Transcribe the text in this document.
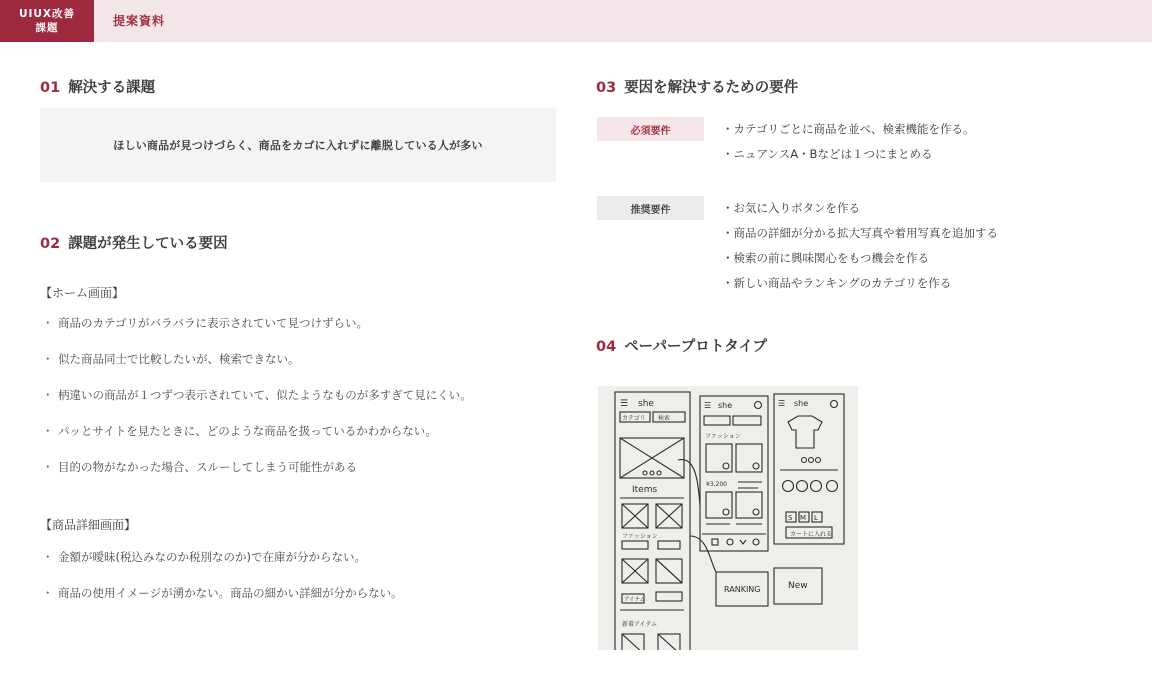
UIUX改善
課題	提案資料
01 解決する課題
ほしい商品が見つけづらく、商品をカゴに入れずに離脱している人が多い
02 課題が発生している要因
【ホーム画面】
・ 商品のカテゴリがバラバラに表示されていて見つけずらい。
・ 似た商品同士で比較したいが、検索できない。
・ 柄違いの商品が１つずつ表示されていて、似たようなものが多すぎて見にくい。
・ パッとサイトを見たときに、どのような商品を扱っているかわからない。
・ 目的の物がなかった場合、スルーしてしまう可能性がある
【商品詳細画面】
・ 金額が曖昧(税込みなのか税別なのか)で在庫が分からない。
・ 商品の使用イメージが湧かない。商品の細かい詳細が分からない。
03 要因を解決するための要件
必須要件	・カテゴリごとに商品を並べ、検索機能を作る。
・ニュアンスA・Bなどは１つにまとめる
推奨要件	・お気に入りボタンを作る
・商品の詳細が分かる拡大写真や着用写真を追加する
・検索の前に興味関心をもつ機会を作る
・新しい商品やランキングのカテゴリを作る
04 ペーパープロトタイプ
☰ she
カテゴリ 検索
Items
ファッション
アイテム
新着アイテム
☰ she
ファッション
¥3,200
☰ she
S M L
カートに入れる
RANKING	New
